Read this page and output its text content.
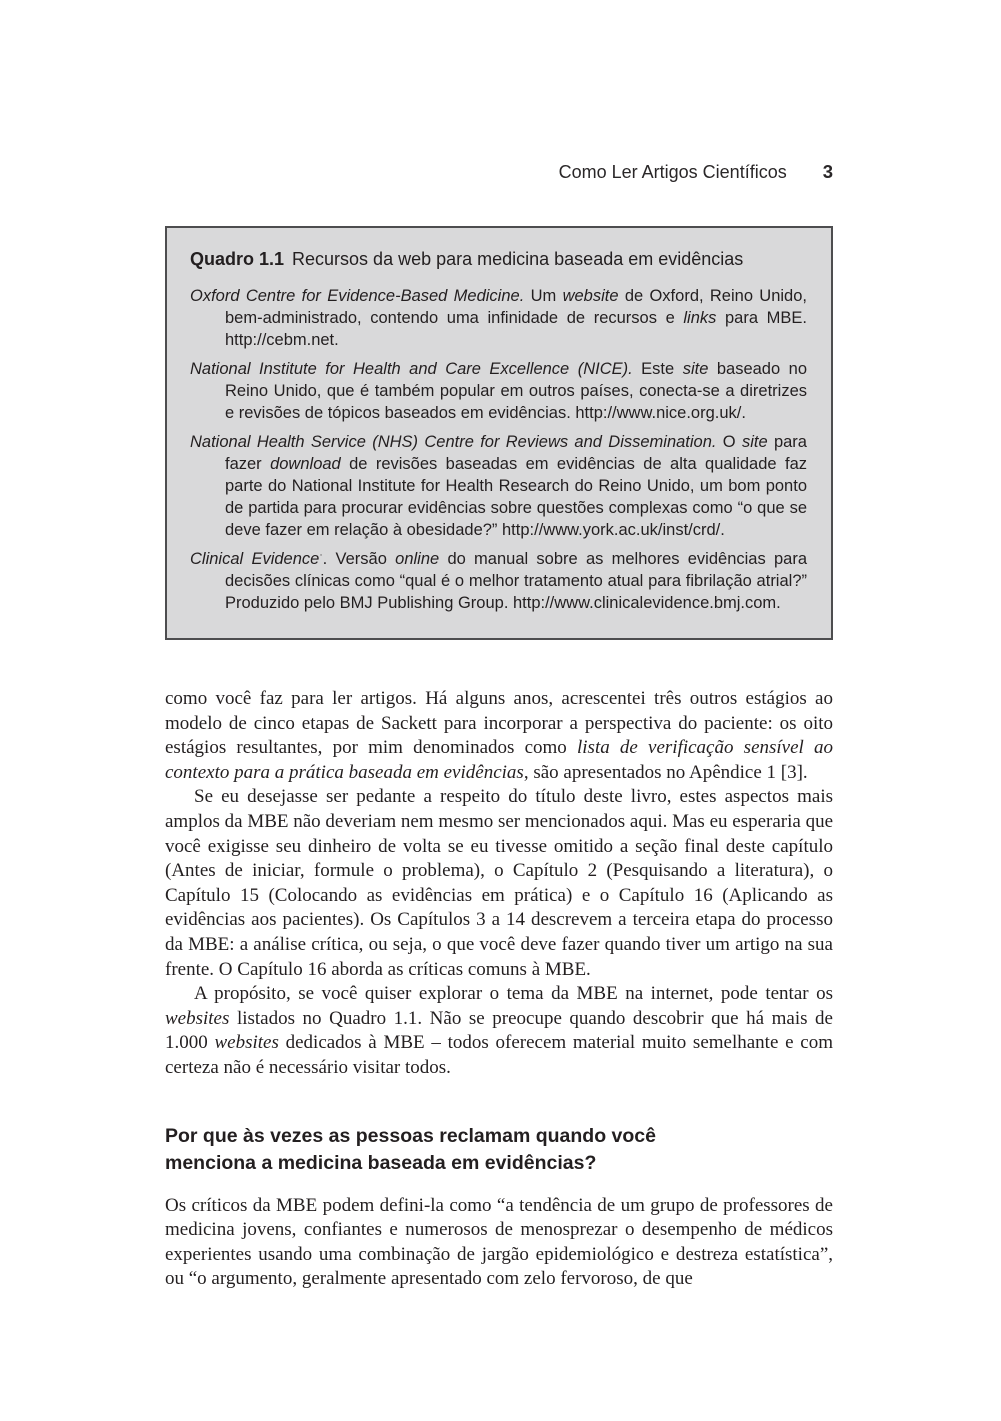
Como Ler Artigos Científicos 3
Quadro 1.1 Recursos da web para medicina baseada em evidências
Oxford Centre for Evidence-Based Medicine. Um website de Oxford, Reino Unido, bem-administrado, contendo uma infinidade de recursos e links para MBE. http://cebm.net.
National Institute for Health and Care Excellence (NICE). Este site baseado no Reino Unido, que é também popular em outros países, conecta-se a diretrizes e revisões de tópicos baseados em evidências. http://www.nice.org.uk/.
National Health Service (NHS) Centre for Reviews and Dissemination. O site para fazer download de revisões baseadas em evidências de alta qualidade faz parte do National Institute for Health Research do Reino Unido, um bom ponto de partida para procurar evidências sobre questões complexas como “o que se deve fazer em relação à obesidade?” http://www.york.ac.uk/inst/crd/.
Clinical Evidence·. Versão online do manual sobre as melhores evidências para decisões clínicas como “qual é o melhor tratamento atual para fibrilação atrial?” Produzido pelo BMJ Publishing Group. http://www.clinicalevidence.bmj.com.

como você faz para ler artigos. Há alguns anos, acrescentei três outros estágios ao modelo de cinco etapas de Sackett para incorporar a perspectiva do paciente: os oito estágios resultantes, por mim denominados como lista de verificação sensível ao contexto para a prática baseada em evidências, são apresentados no Apêndice 1 [3].

Se eu desejasse ser pedante a respeito do título deste livro, estes aspectos mais amplos da MBE não deveriam nem mesmo ser mencionados aqui. Mas eu esperaria que você exigisse seu dinheiro de volta se eu tivesse omitido a seção final deste capítulo (Antes de iniciar, formule o problema), o Capítulo 2 (Pesquisando a literatura), o Capítulo 15 (Colocando as evidências em prática) e o Capítulo 16 (Aplicando as evidências aos pacientes). Os Capítulos 3 a 14 descrevem a terceira etapa do processo da MBE: a análise crítica, ou seja, o que você deve fazer quando tiver um artigo na sua frente. O Capítulo 16 aborda as críticas comuns à MBE.

A propósito, se você quiser explorar o tema da MBE na internet, pode tentar os websites listados no Quadro 1.1. Não se preocupe quando descobrir que há mais de 1.000 websites dedicados à MBE – todos oferecem material muito semelhante e com certeza não é necessário visitar todos.

Por que às vezes as pessoas reclamam quando você menciona a medicina baseada em evidências?

Os críticos da MBE podem defini-la como “a tendência de um grupo de professores de medicina jovens, confiantes e numerosos de menosprezar o desempenho de médicos experientes usando uma combinação de jargão epidemiológico e destreza estatística”, ou “o argumento, geralmente apresentado com zelo fervoroso, de que
